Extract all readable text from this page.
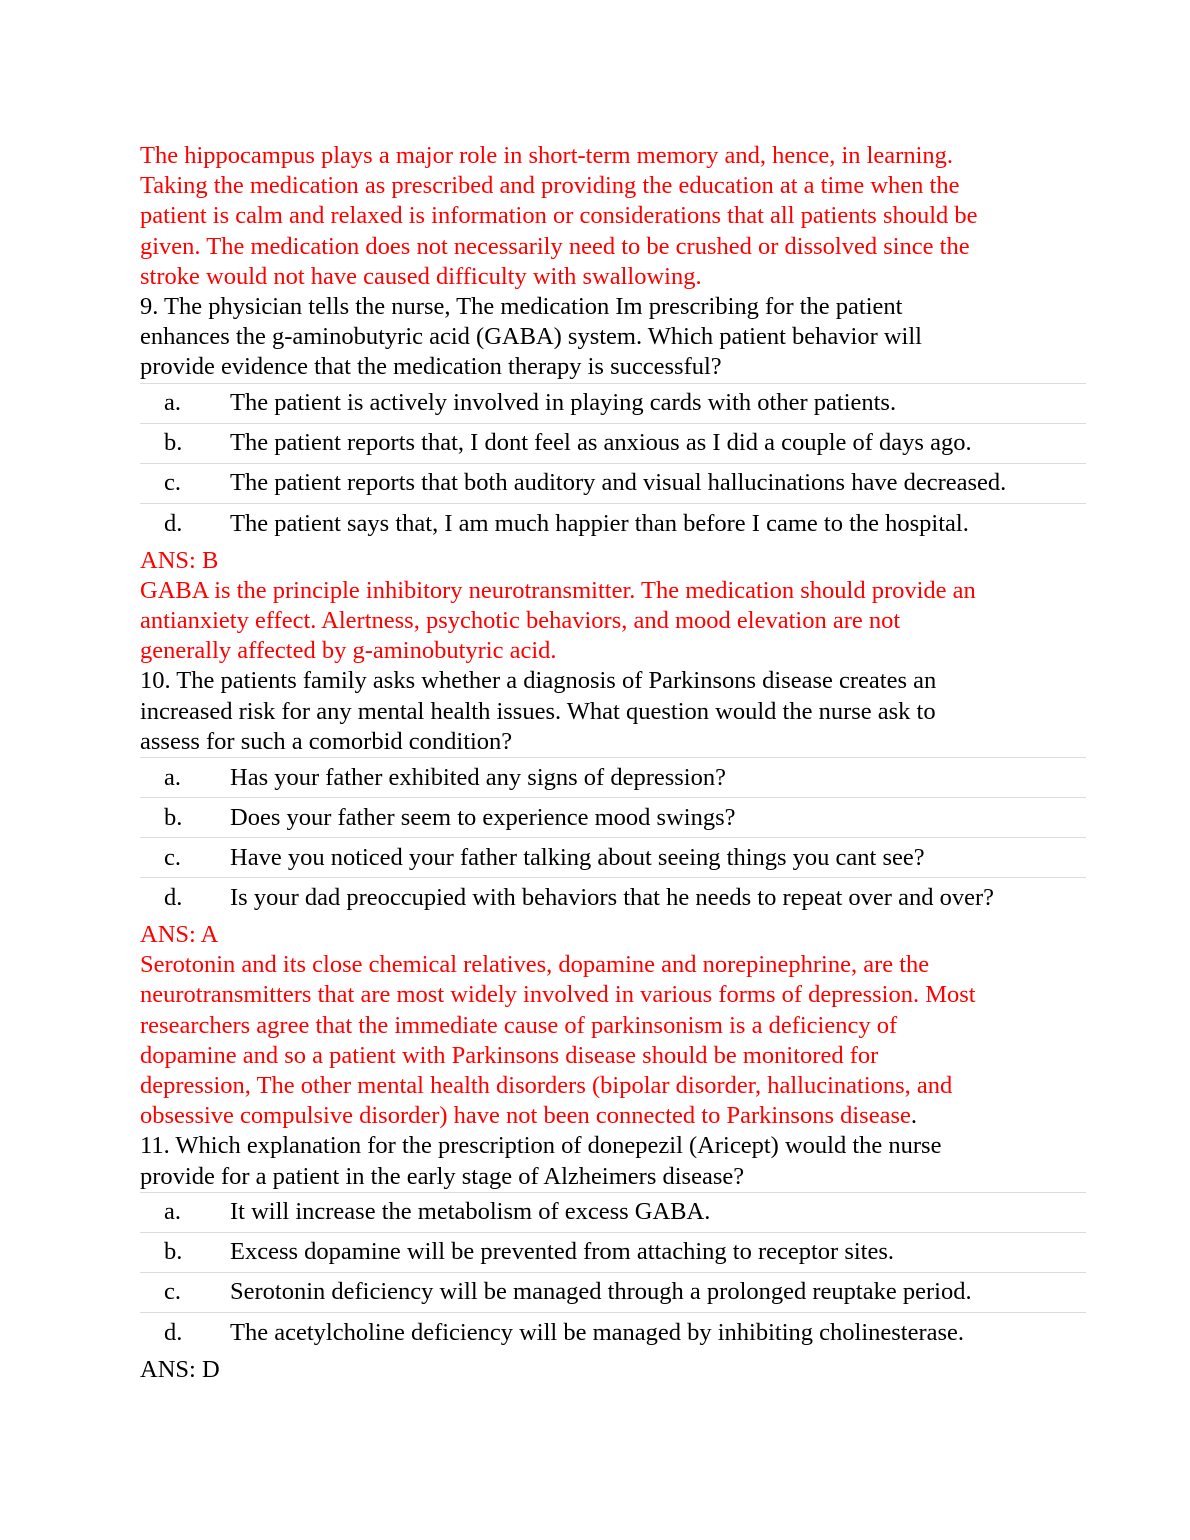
The hippocampus plays a major role in short-term memory and, hence, in learning.
Taking the medication as prescribed and providing the education at a time when the
patient is calm and relaxed is information or considerations that all patients should be
given. The medication does not necessarily need to be crushed or dissolved since the
stroke would not have caused difficulty with swallowing.
9. The physician tells the nurse, The medication Im prescribing for the patient
enhances the g-aminobutyric acid (GABA) system. Which patient behavior will
provide evidence that the medication therapy is successful?
a.	The patient is actively involved in playing cards with other patients.
b.	The patient reports that, I dont feel as anxious as I did a couple of days ago.
c.	The patient reports that both auditory and visual hallucinations have decreased.
d.	The patient says that, I am much happier than before I came to the hospital.
ANS: B
GABA is the principle inhibitory neurotransmitter. The medication should provide an
antianxiety effect. Alertness, psychotic behaviors, and mood elevation are not
generally affected by g-aminobutyric acid.
10. The patients family asks whether a diagnosis of Parkinsons disease creates an
increased risk for any mental health issues. What question would the nurse ask to
assess for such a comorbid condition?
a.	Has your father exhibited any signs of depression?
b.	Does your father seem to experience mood swings?
c.	Have you noticed your father talking about seeing things you cant see?
d.	Is your dad preoccupied with behaviors that he needs to repeat over and over?
ANS: A
Serotonin and its close chemical relatives, dopamine and norepinephrine, are the
neurotransmitters that are most widely involved in various forms of depression. Most
researchers agree that the immediate cause of parkinsonism is a deficiency of
dopamine and so a patient with Parkinsons disease should be monitored for
depression, The other mental health disorders (bipolar disorder, hallucinations, and
obsessive compulsive disorder) have not been connected to Parkinsons disease.
11. Which explanation for the prescription of donepezil (Aricept) would the nurse
provide for a patient in the early stage of Alzheimers disease?
a.	It will increase the metabolism of excess GABA.
b.	Excess dopamine will be prevented from attaching to receptor sites.
c.	Serotonin deficiency will be managed through a prolonged reuptake period.
d.	The acetylcholine deficiency will be managed by inhibiting cholinesterase.
ANS: D
